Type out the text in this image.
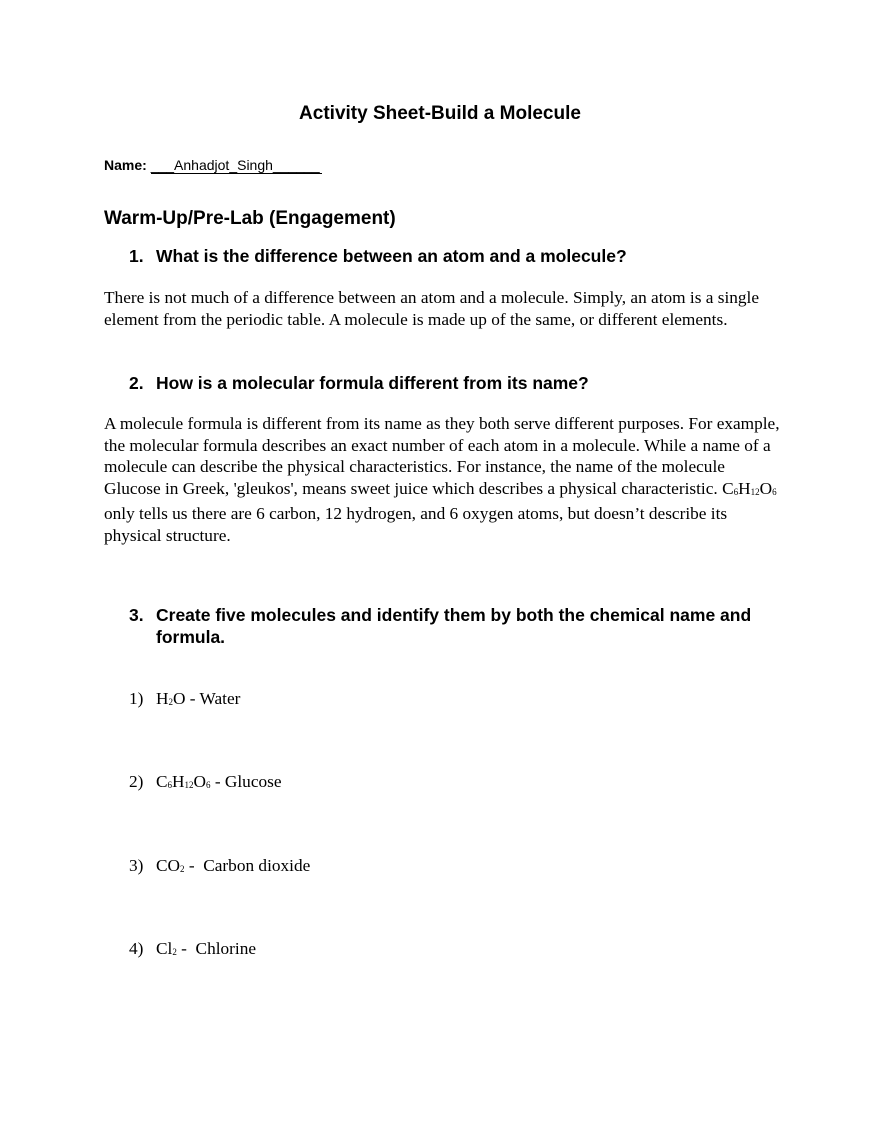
Activity Sheet-Build a Molecule
Name: ___Anhadjot_Singh______
Warm-Up/Pre-Lab (Engagement)
1. What is the difference between an atom and a molecule?

There is not much of a difference between an atom and a molecule. Simply, an atom is a single element from the periodic table. A molecule is made up of the same, or different elements.

2. How is a molecular formula different from its name?

A molecule formula is different from its name as they both serve different purposes. For example, the molecular formula describes an exact number of each atom in a molecule. While a name of a molecule can describe the physical characteristics. For instance, the name of the molecule Glucose in Greek, 'gleukos', means sweet juice which describes a physical characteristic. C6H12O6  only tells us there are 6 carbon, 12 hydrogen, and 6 oxygen atoms, but doesn’t describe its physical structure.

3. Create five molecules and identify them by both the chemical name and formula.
1) H2O - Water
2) C6H12O6 - Glucose
3) CO2 -  Carbon dioxide
4) Cl2 -  Chlorine
